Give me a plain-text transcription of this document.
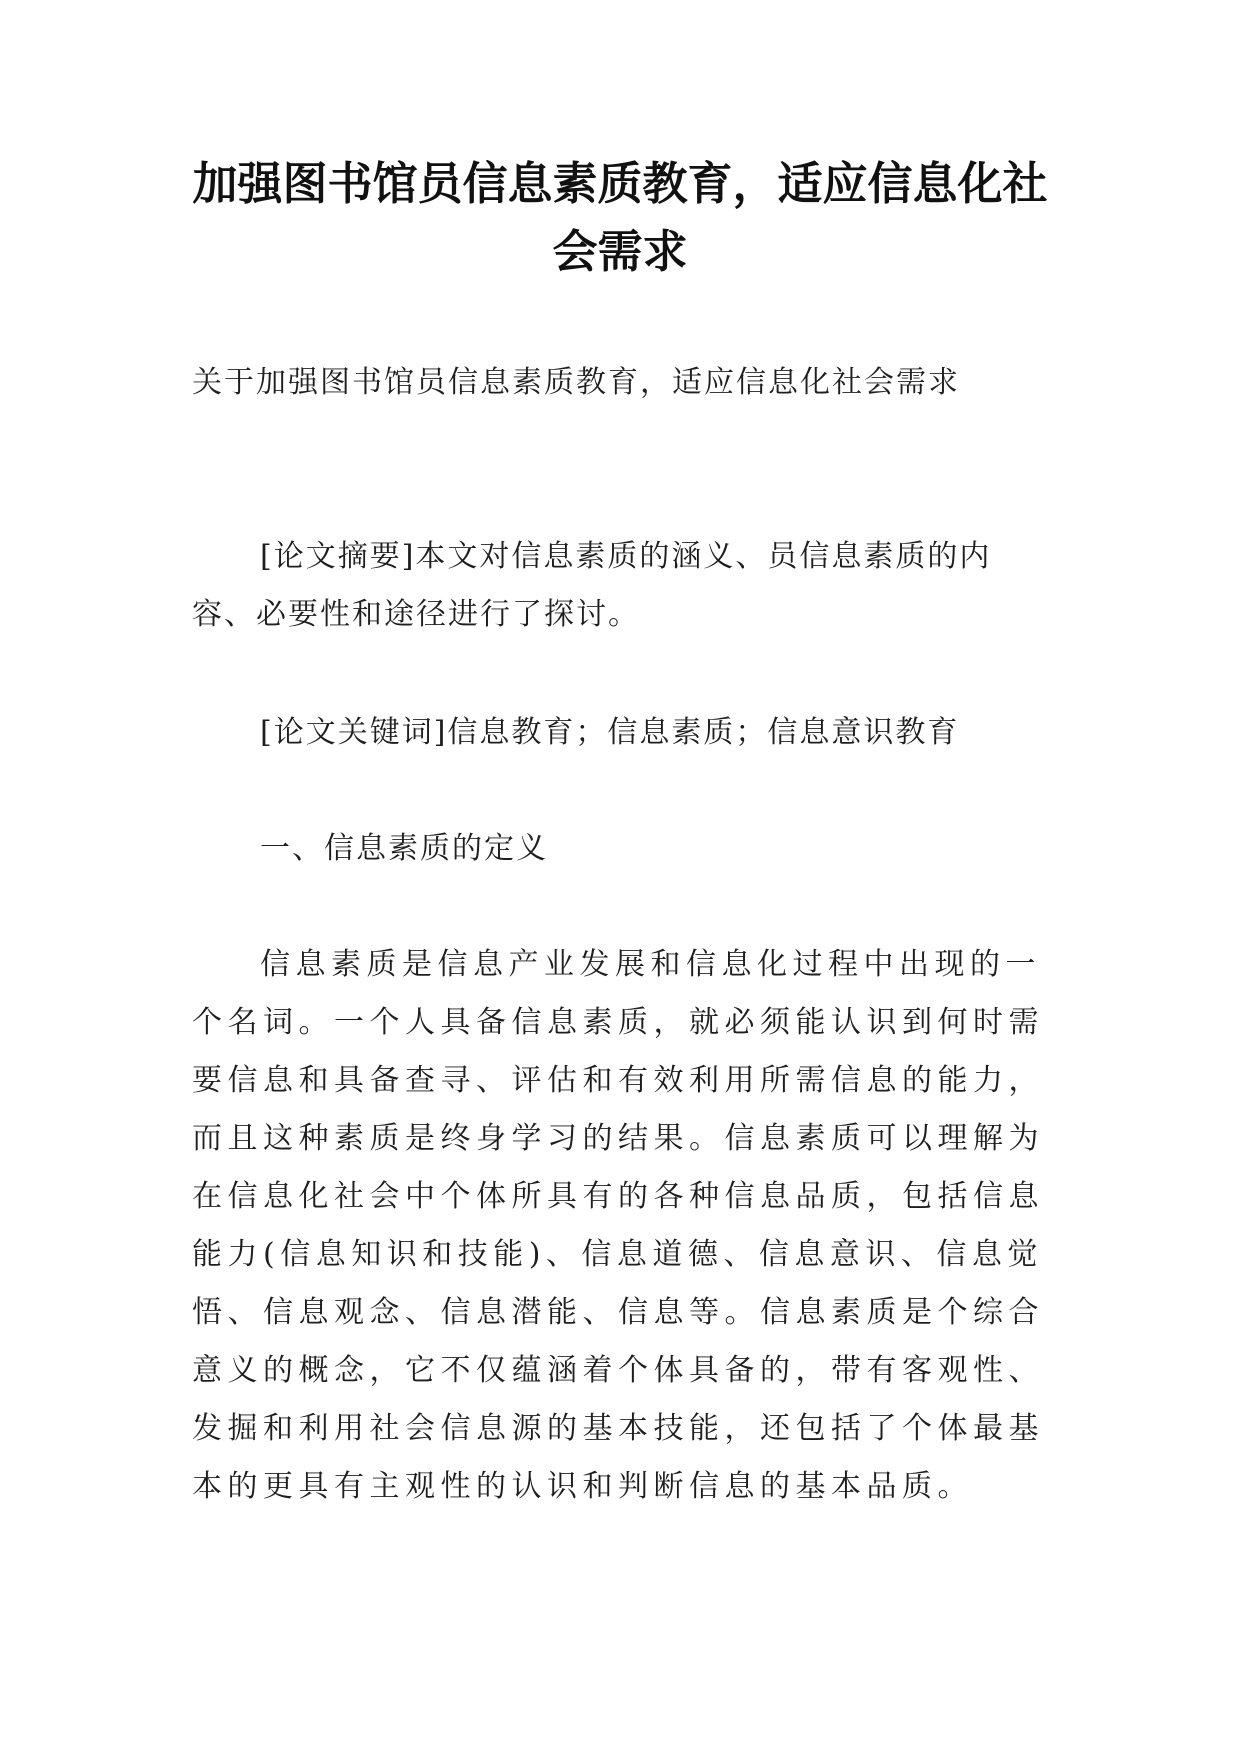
加强图书馆员信息素质教育，适应信息化社会需求

关于加强图书馆员信息素质教育，适应信息化社会需求

[论文摘要]本文对信息素质的涵义、员信息素质的内容、必要性和途径进行了探讨。

[论文关键词]信息教育；信息素质；信息意识教育

一、信息素质的定义

信息素质是信息产业发展和信息化过程中出现的一个名词。一个人具备信息素质，就必须能认识到何时需要信息和具备查寻、评估和有效利用所需信息的能力，而且这种素质是终身学习的结果。信息素质可以理解为在信息化社会中个体所具有的各种信息品质，包括信息能力(信息知识和技能)、信息道德、信息意识、信息觉悟、信息观念、信息潜能、信息等。信息素质是个综合意义的概念，它不仅蕴涵着个体具备的，带有客观性、发掘和利用社会信息源的基本技能，还包括了个体最基本的更具有主观性的认识和判断信息的基本品质。
